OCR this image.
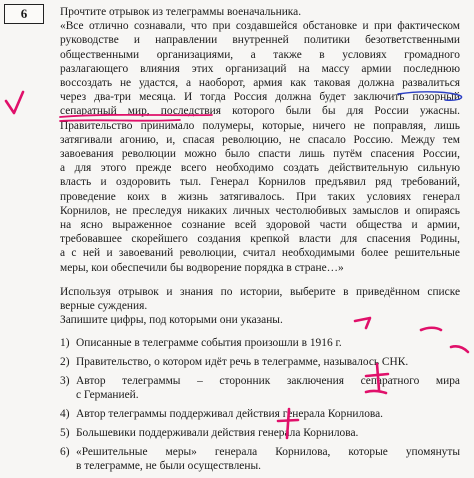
6	Прочтите отрывок из телеграммы военачальника.
«Все отлично сознавали, что при создавшейся обстановке и при фактическом
руководстве и направлении внутренней политики безответственными
общественными организациями, а также в условиях громадного
разлагающего влияния этих организаций на массу армии последнюю
воссоздать не удастся, а наоборот, армия как таковая должна развалиться
через два-три месяца. И тогда Россия должна будет заключить позорный
сепаратный мир, последствия которого были бы для России ужасны.
Правительство принимало полумеры, которые, ничего не поправляя, лишь
затягивали агонию, и, спасая революцию, не спасало Россию. Между тем
завоевания революции можно было спасти лишь путём спасения России,
а для этого прежде всего необходимо создать действительную сильную
власть и оздоровить тыл. Генерал Корнилов предъявил ряд требований,
проведение коих в жизнь затягивалось. При таких условиях генерал
Корнилов, не преследуя никаких личных честолюбивых замыслов и опираясь
на ясно выраженное сознание всей здоровой части общества и армии,
требовавшее скорейшего создания крепкой власти для спасения Родины,
а с ней и завоеваний революции, считал необходимыми более решительные
меры, кои обеспечили бы водворение порядка в стране…»
Используя отрывок и знания по истории, выберите в приведённом списке
верные суждения.
Запишите цифры, под которыми они указаны.
1) Описанные в телеграмме события произошли в 1916 г.
2) Правительство, о котором идёт речь в телеграмме, называлось СНК.
3) Автор телеграммы – сторонник заключения сепаратного мира
с Германией.
4) Автор телеграммы поддерживал действия генерала Корнилова.
5) Большевики поддерживали действия генерала Корнилова.
6) «Решительные меры» генерала Корнилова, которые упомянуты
в телеграмме, не были осуществлены.
